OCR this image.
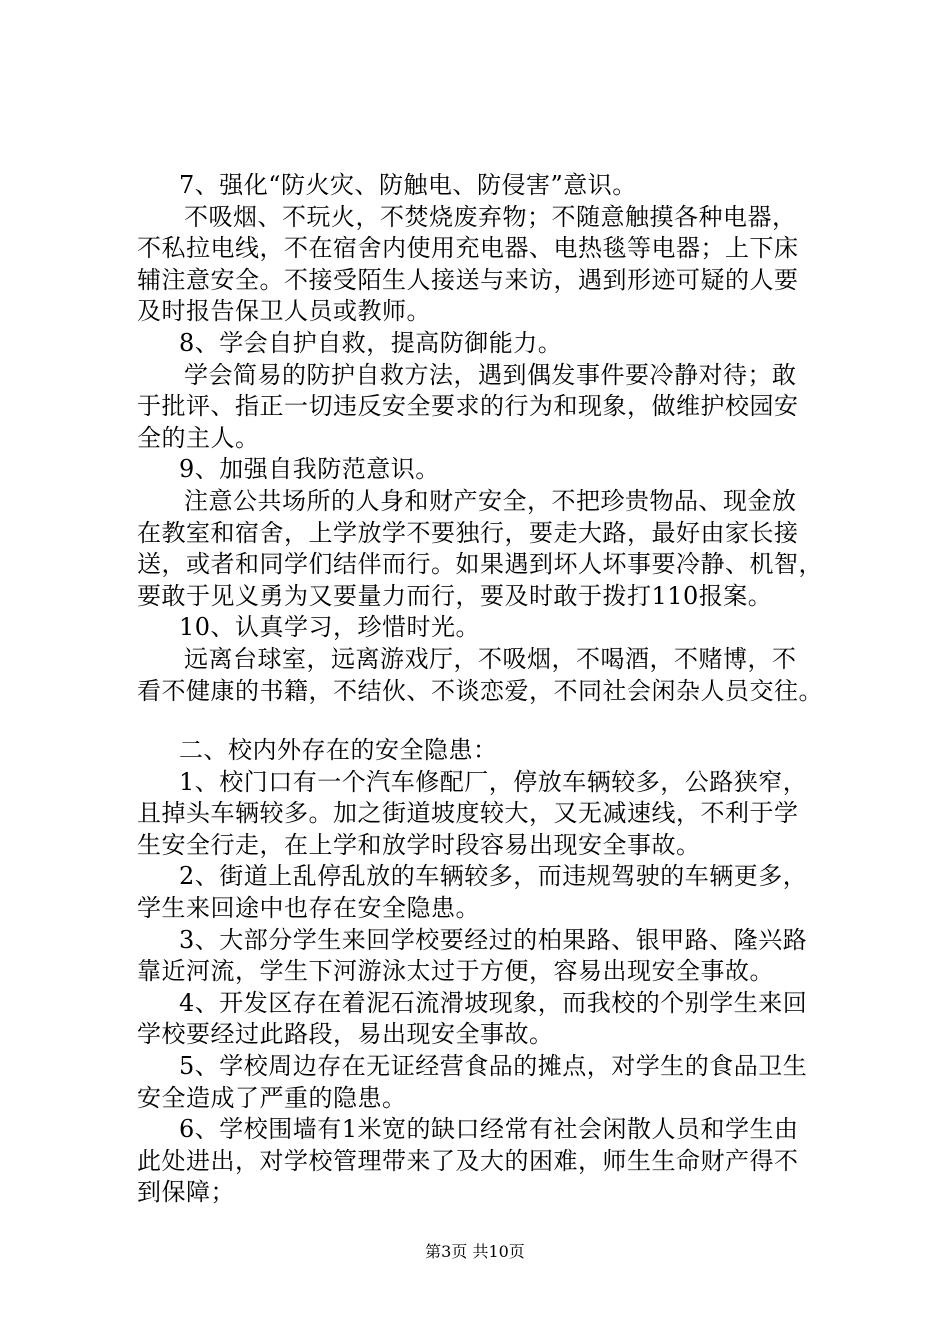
7、强化“防火灾、防触电、防侵害”意识。
不吸烟、不玩火，不焚烧废弃物；不随意触摸各种电器，
不私拉电线，不在宿舍内使用充电器、电热毯等电器；上下床
辅注意安全。不接受陌生人接送与来访，遇到形迹可疑的人要
及时报告保卫人员或教师。
8、学会自护自救，提高防御能力。
学会简易的防护自救方法，遇到偶发事件要冷静对待；敢
于批评、指正一切违反安全要求的行为和现象，做维护校园安
全的主人。
9、加强自我防范意识。
注意公共场所的人身和财产安全，不把珍贵物品、现金放
在教室和宿舍，上学放学不要独行，要走大路，最好由家长接
送，或者和同学们结伴而行。如果遇到坏人坏事要冷静、机智，
要敢于见义勇为又要量力而行，要及时敢于拨打110报案。
10、认真学习，珍惜时光。
远离台球室，远离游戏厅，不吸烟，不喝酒，不赌博，不
看不健康的书籍，不结伙、不谈恋爱，不同社会闲杂人员交往。
二、校内外存在的安全隐患：
1、校门口有一个汽车修配厂，停放车辆较多，公路狭窄，
且掉头车辆较多。加之街道坡度较大，又无减速线，不利于学
生安全行走，在上学和放学时段容易出现安全事故。
2、街道上乱停乱放的车辆较多，而违规驾驶的车辆更多，
学生来回途中也存在安全隐患。
3、大部分学生来回学校要经过的柏果路、银甲路、隆兴路
靠近河流，学生下河游泳太过于方便，容易出现安全事故。
4、开发区存在着泥石流滑坡现象，而我校的个别学生来回
学校要经过此路段，易出现安全事故。
5、学校周边存在无证经营食品的摊点，对学生的食品卫生
安全造成了严重的隐患。
6、学校围墙有1米宽的缺口经常有社会闲散人员和学生由
此处进出，对学校管理带来了及大的困难，师生生命财产得不
到保障；
第3页 共10页
